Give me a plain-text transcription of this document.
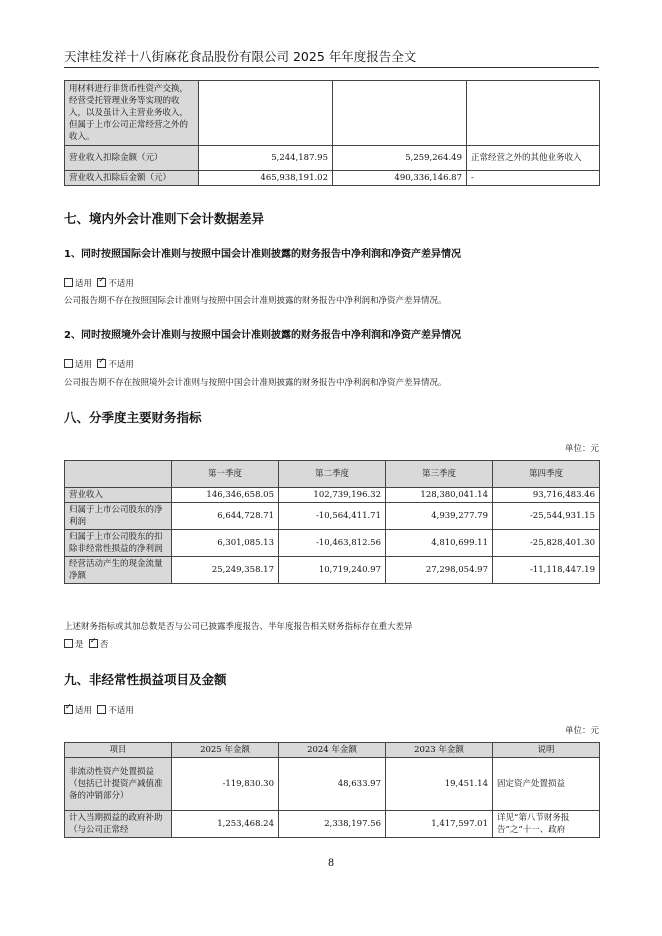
天津桂发祥十八街麻花食品股份有限公司 2025 年年度报告全文
用材料进行非货币性资产交换，经营受托管理业务等实现的收入，以及虽计入主营业务收入，但属于上市公司正常经营之外的收入。			
营业收入扣除金额（元）	5,244,187.95	5,259,264.49	正常经营之外的其他业务收入
营业收入扣除后金额（元）	465,938,191.02	490,336,146.87	-
七、境内外会计准则下会计数据差异
1、同时按照国际会计准则与按照中国会计准则披露的财务报告中净利润和净资产差异情况
适用 ✓ 不适用
公司报告期不存在按照国际会计准则与按照中国会计准则披露的财务报告中净利润和净资产差异情况。
2、同时按照境外会计准则与按照中国会计准则披露的财务报告中净利润和净资产差异情况
适用 ✓ 不适用
公司报告期不存在按照境外会计准则与按照中国会计准则披露的财务报告中净利润和净资产差异情况。
八、分季度主要财务指标
单位：元
	第一季度	第二季度	第三季度	第四季度
营业收入	146,346,658.05	102,739,196.32	128,380,041.14	93,716,483.46
归属于上市公司股东的净利润	6,644,728.71	-10,564,411.71	4,939,277.79	-25,544,931.15
归属于上市公司股东的扣除非经常性损益的净利润	6,301,085.13	-10,463,812.56	4,810,699.11	-25,828,401.30
经营活动产生的现金流量净额	25,249,358.17	10,719,240.97	27,298,054.97	-11,118,447.19
上述财务指标或其加总数是否与公司已披露季度报告、半年度报告相关财务指标存在重大差异
是 ✓ 否
九、非经常性损益项目及金额
✓适用 不适用
单位：元
项目	2025 年金额	2024 年金额	2023 年金额	说明
非流动性资产处置损益（包括已计提资产减值准备的冲销部分）	-119,830.30	48,633.97	19,451.14	固定资产处置损益
计入当期损益的政府补助（与公司正常经	1,253,468.24	2,338,197.56	1,417,597.01	详见“第八节财务报告”之“十一、政府
8
